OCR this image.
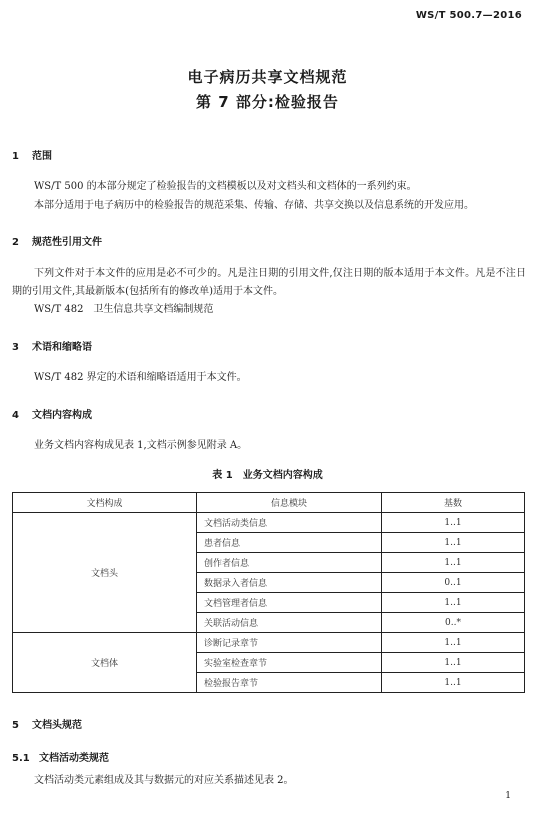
WS/T 500.7—2016
电子病历共享文档规范
第 7 部分:检验报告
1 范围
WS/T 500 的本部分规定了检验报告的文档模板以及对文档头和文档体的一系列约束。
本部分适用于电子病历中的检验报告的规范采集、传输、存储、共享交换以及信息系统的开发应用。
2 规范性引用文件
下列文件对于本文件的应用是必不可少的。凡是注日期的引用文件,仅注日期的版本适用于本文件。凡是不注日期的引用文件,其最新版本(包括所有的修改单)适用于本文件。
WS/T 482　卫生信息共享文档编制规范
3 术语和缩略语
WS/T 482 界定的术语和缩略语适用于本文件。
4 文档内容构成
业务文档内容构成见表 1,文档示例参见附录 A。
表 1　业务文档内容构成
文档构成	信息模块	基数
文档头	文档活动类信息	1..1
	患者信息	1..1
	创作者信息	1..1
	数据录入者信息	0..1
	文档管理者信息	1..1
	关联活动信息	0..*
文档体	诊断记录章节	1..1
	实验室检查章节	1..1
	检验报告章节	1..1
5 文档头规范
5.1 文档活动类规范
文档活动类元素组成及其与数据元的对应关系描述见表 2。
1
